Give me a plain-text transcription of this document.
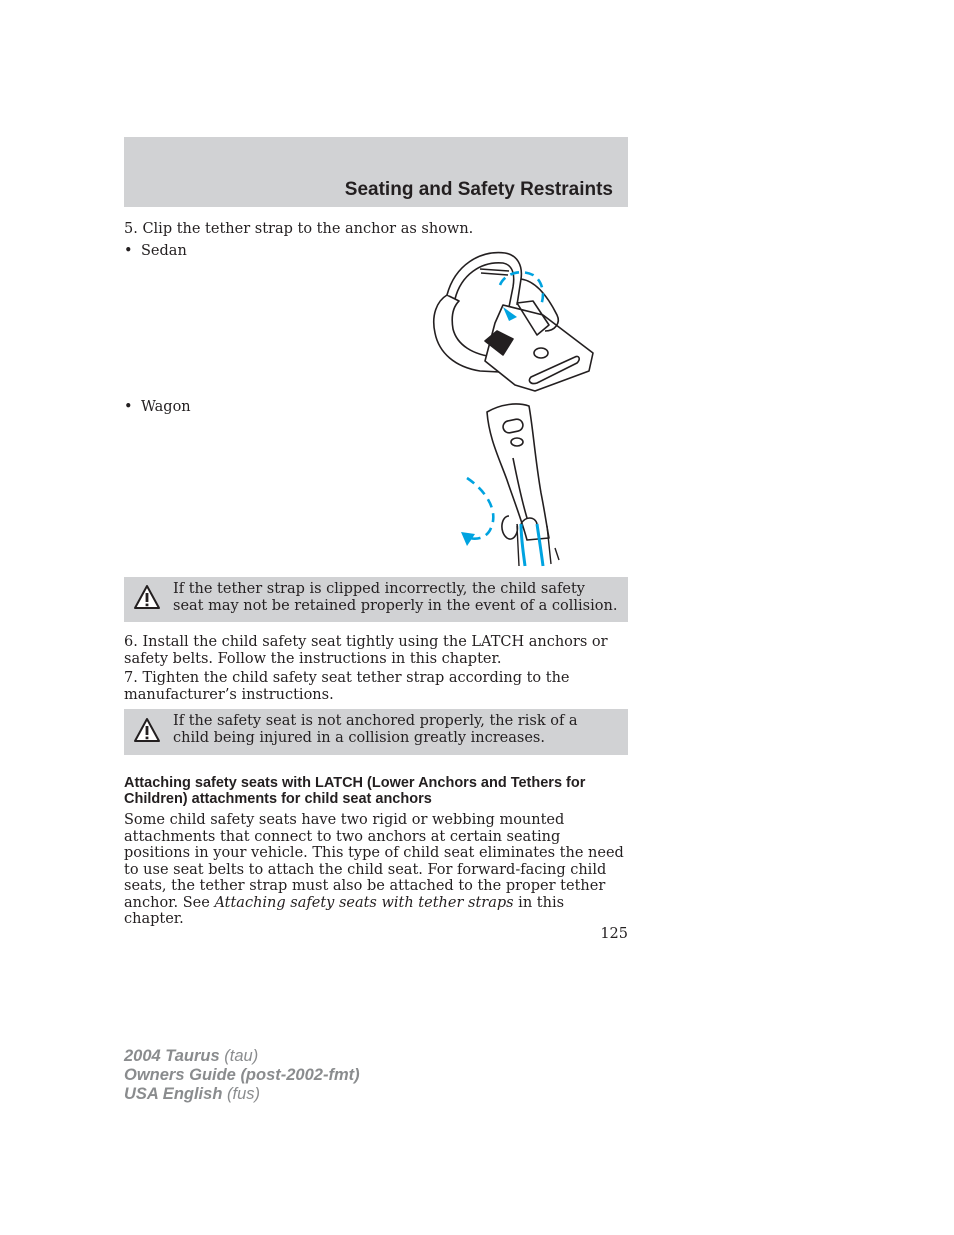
Seating and Safety Restraints
5. Clip the tether strap to the anchor as shown.
• Sedan
• Wagon
If the tether strap is clipped incorrectly, the child safety seat may not be retained properly in the event of a collision.
6. Install the child safety seat tightly using the LATCH anchors or safety belts. Follow the instructions in this chapter.
7. Tighten the child safety seat tether strap according to the manufacturer’s instructions.
If the safety seat is not anchored properly, the risk of a child being injured in a collision greatly increases.
Attaching safety seats with LATCH (Lower Anchors and Tethers for Children) attachments for child seat anchors
Some child safety seats have two rigid or webbing mounted attachments that connect to two anchors at certain seating positions in your vehicle. This type of child seat eliminates the need to use seat belts to attach the child seat. For forward-facing child seats, the tether strap must also be attached to the proper tether anchor. See Attaching safety seats with tether straps in this chapter.
125
2004 Taurus (tau)
Owners Guide (post-2002-fmt)
USA English (fus)
